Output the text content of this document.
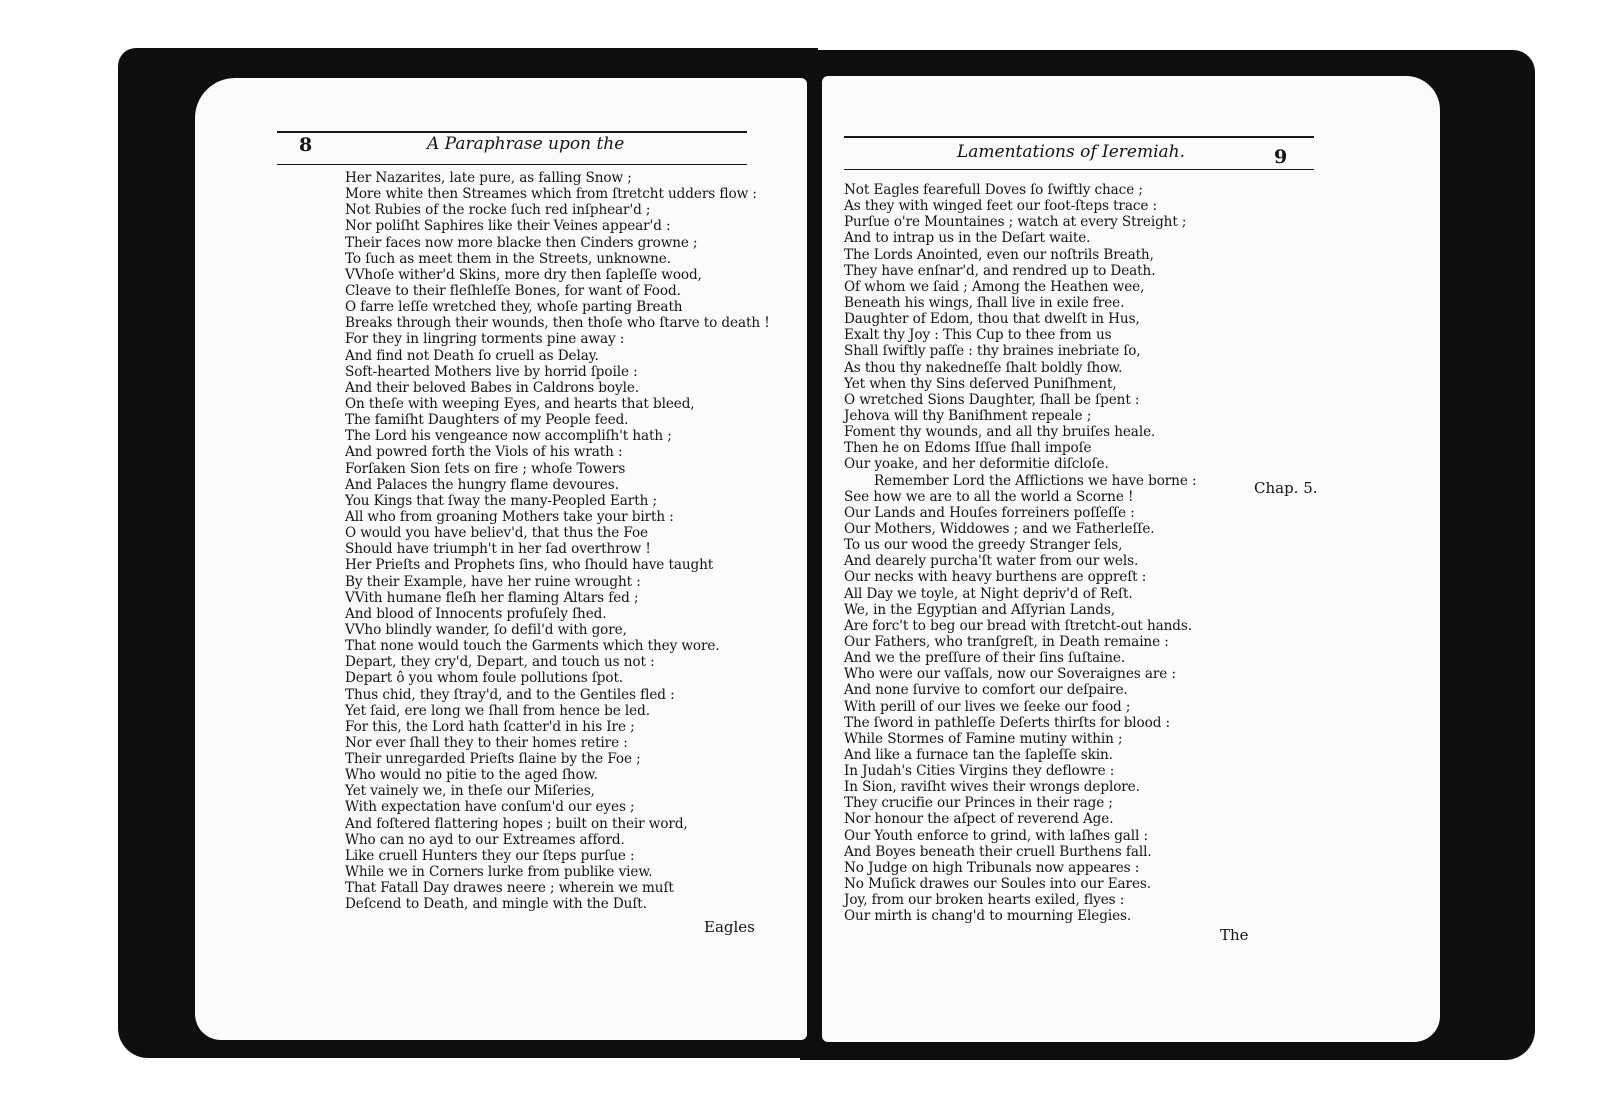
8	A Paraphrase upon the

Her Nazarites, late pure, as falling Snow ;
More white then Streames which from ſtretcht udders flow :
Not Rubies of the rocke ſuch red inſphear'd ;
Nor poliſht Saphires like their Veines appear'd :
Their faces now more blacke then Cinders growne ;
To ſuch as meet them in the Streets, unknowne.
VVhoſe wither'd Skins, more dry then ſapleſſe wood,
Cleave to their fleſhleſſe Bones, for want of Food.
O farre leſſe wretched they, whoſe parting Breath
Breaks through their wounds, then thoſe who ſtarve to death !
For they in lingring torments pine away :
And find not Death ſo cruell as Delay.
Soft-hearted Mothers live by horrid ſpoile :
And their beloved Babes in Caldrons boyle.
On theſe with weeping Eyes, and hearts that bleed,
The famiſht Daughters of my People feed.
The Lord his vengeance now accompliſh't hath ;
And powred forth the Viols of his wrath :
Forſaken Sion ſets on fire ; whoſe Towers
And Palaces the hungry flame devoures.
You Kings that ſway the many-Peopled Earth ;
All who from groaning Mothers take your birth :
O would you have believ'd, that thus the Foe
Should have triumph't in her ſad overthrow !
Her Prieſts and Prophets ſins, who ſhould have taught
By their Example, have her ruine wrought :
VVith humane fleſh her flaming Altars fed ;
And blood of Innocents profuſely ſhed.
VVho blindly wander, ſo defil'd with gore,
That none would touch the Garments which they wore.
Depart, they cry'd, Depart, and touch us not :
Depart ô you whom foule pollutions ſpot.
Thus chid, they ſtray'd, and to the Gentiles fled :
Yet ſaid, ere long we ſhall from hence be led.
For this, the Lord hath ſcatter'd in his Ire ;
Nor ever ſhall they to their homes retire :
Their unregarded Prieſts ſlaine by the Foe ;
Who would no pitie to the aged ſhow.
Yet vainely we, in theſe our Miſeries,
With expectation have conſum'd our eyes ;
And foſtered flattering hopes ; built on their word,
Who can no ayd to our Extreames afford.
Like cruell Hunters they our ſteps purſue :
While we in Corners lurke from publike view.
That Fatall Day drawes neere ; wherein we muſt
Deſcend to Death, and mingle with the Duſt.

Eagles

Lamentations of Ieremiah.	9

Not Eagles fearefull Doves ſo ſwiftly chace ;
As they with winged feet our foot-ſteps trace :
Purſue o're Mountaines ; watch at every Streight ;
And to intrap us in the Deſart waite.
The Lords Anointed, even our noſtrils Breath,
They have enſnar'd, and rendred up to Death.
Of whom we ſaid ; Among the Heathen wee,
Beneath his wings, ſhall live in exile free.
Daughter of Edom, thou that dwelſt in Hus,
Exalt thy Joy : This Cup to thee from us
Shall ſwiftly paſſe : thy braines inebriate ſo,
As thou thy nakedneſſe ſhalt boldly ſhow.
Yet when thy Sins deſerved Puniſhment,
O wretched Sions Daughter, ſhall be ſpent :
Jehova will thy Baniſhment repeale ;
Foment thy wounds, and all thy bruiſes heale.
Then he on Edoms Iſſue ſhall impoſe
Our yoake, and her deformitie diſcloſe.
Remember Lord the Afflictions we have borne :
See how we are to all the world a Scorne !
Our Lands and Houſes forreiners poſſeſſe :
Our Mothers, Widdowes ; and we Fatherleſſe.
To us our wood the greedy Stranger ſels,
And dearely purcha'ſt water from our wels.
Our necks with heavy burthens are oppreſt :
All Day we toyle, at Night depriv'd of Reſt.
We, in the Egyptian and Aſſyrian Lands,
Are forc't to beg our bread with ſtretcht-out hands.
Our Fathers, who tranſgreſt, in Death remaine :
And we the preſſure of their ſins ſuſtaine.
Who were our vaſſals, now our Soveraignes are :
And none ſurvive to comfort our deſpaire.
With perill of our lives we ſeeke our food ;
The ſword in pathleſſe Deſerts thirſts for blood :
While Stormes of Famine mutiny within ;
And like a furnace tan the ſapleſſe skin.
In Judah's Cities Virgins they deflowre :
In Sion, raviſht wives their wrongs deplore.
They crucifie our Princes in their rage ;
Nor honour the aſpect of reverend Age.
Our Youth enforce to grind, with laſhes gall :
And Boyes beneath their cruell Burthens fall.
No Judge on high Tribunals now appeares :
No Muſick drawes our Soules into our Eares.
Joy, from our broken hearts exiled, flyes :
Our mirth is chang'd to mourning Elegies.

Chap. 5.

The
